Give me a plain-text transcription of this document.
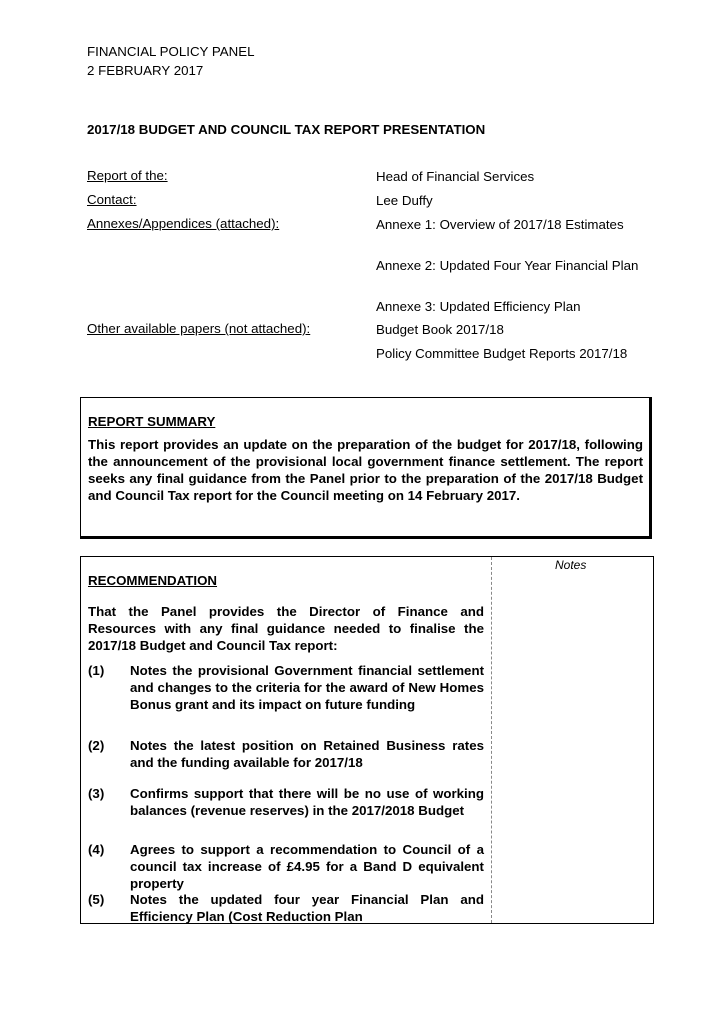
FINANCIAL POLICY PANEL
2 FEBRUARY 2017
2017/18 BUDGET AND COUNCIL TAX REPORT PRESENTATION
Report of the:	Head of Financial Services
Contact:	Lee Duffy
Annexes/Appendices (attached):	Annexe 1: Overview of 2017/18 Estimates
Annexe 2: Updated Four Year Financial Plan
Annexe 3: Updated Efficiency Plan
Other available papers (not attached):	Budget Book 2017/18
Policy Committee Budget Reports 2017/18
REPORT SUMMARY
This report provides an update on the preparation of the budget for 2017/18, following the announcement of the provisional local government finance settlement. The report seeks any final guidance from the Panel prior to the preparation of the 2017/18 Budget and Council Tax report for the Council meeting on 14 February 2017.
Notes
RECOMMENDATION
That the Panel provides the Director of Finance and Resources with any final guidance needed to finalise the 2017/18 Budget and Council Tax report:
(1) Notes the provisional Government financial settlement and changes to the criteria for the award of New Homes Bonus grant and its impact on future funding
(2) Notes the latest position on Retained Business rates and the funding available for 2017/18
(3) Confirms support that there will be no use of working balances (revenue reserves) in the 2017/2018 Budget
(4) Agrees to support a recommendation to Council of a council tax increase of £4.95 for a Band D equivalent property
(5) Notes the updated four year Financial Plan and Efficiency Plan (Cost Reduction Plan
